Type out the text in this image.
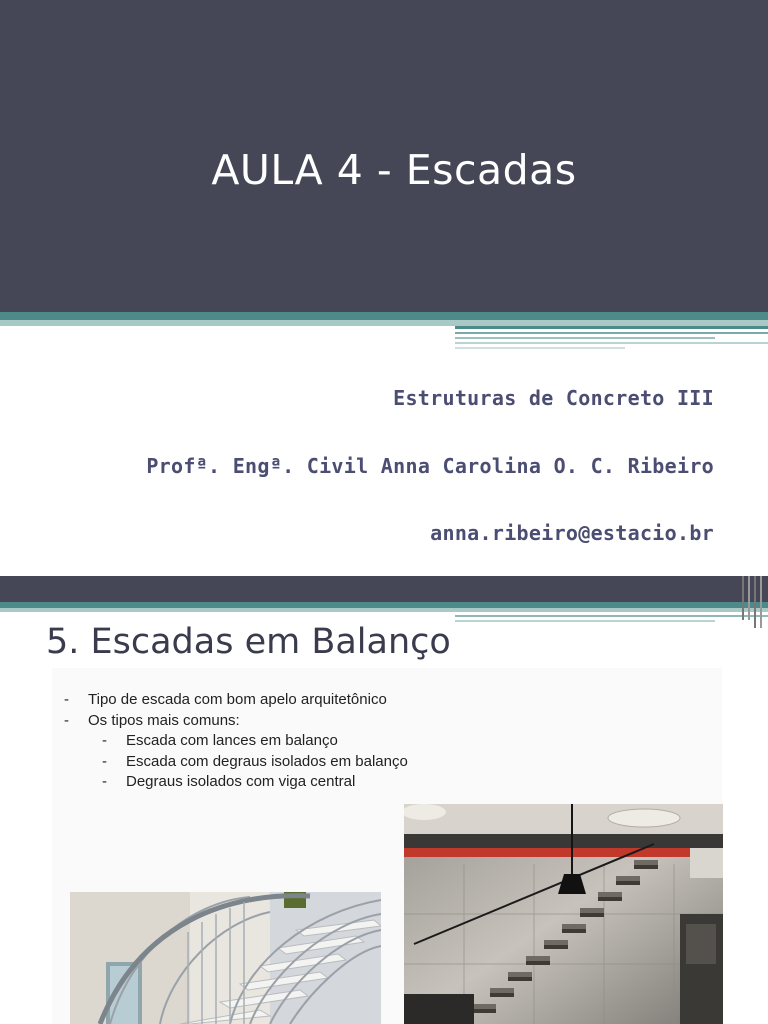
AULA 4 - Escadas
Estruturas de Concreto III
Profª. Engª. Civil Anna Carolina O. C. Ribeiro
anna.ribeiro@estacio.br
5. Escadas em Balanço
- Tipo de escada com bom apelo arquitetônico
- Os tipos mais comuns:
- Escada com lances em balanço
- Escada com degraus isolados em balanço
- Degraus isolados com viga central
